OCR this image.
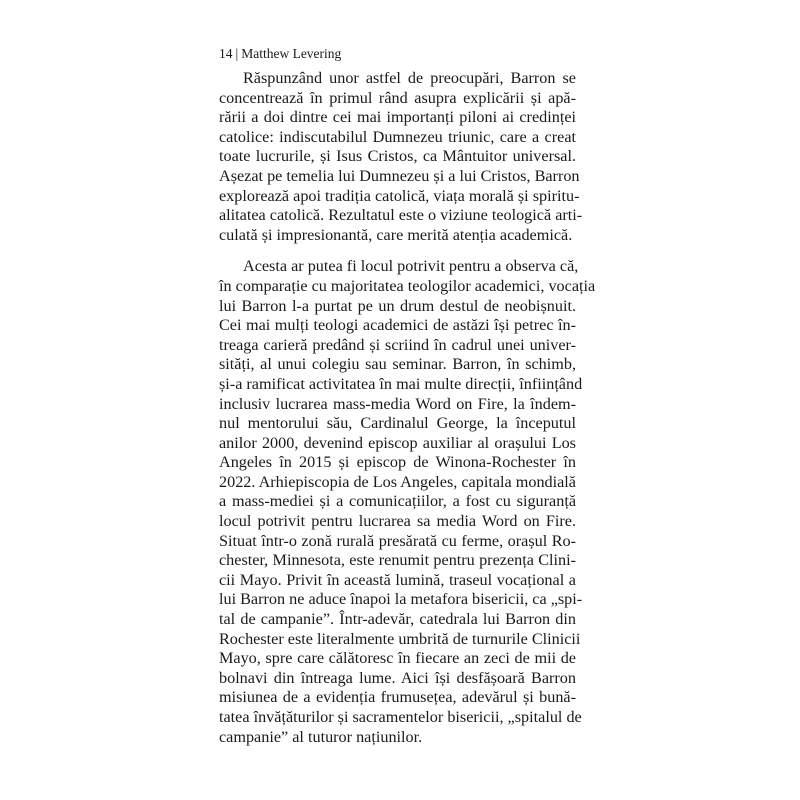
14 | Matthew Levering

Răspunzând unor astfel de preocupări, Barron se
concentrează în primul rând asupra explicării și apă-
rării a doi dintre cei mai importanți piloni ai credinței
catolice: indiscutabilul Dumnezeu triunic, care a creat
toate lucrurile, și Isus Cristos, ca Mântuitor universal.
Așezat pe temelia lui Dumnezeu și a lui Cristos, Barron
explorează apoi tradiția catolică, viața morală și spiritu-
alitatea catolică. Rezultatul este o viziune teologică arti-
culată și impresionantă, care merită atenția academică.

Acesta ar putea fi locul potrivit pentru a observa că,
în comparație cu majoritatea teologilor academici, vocația
lui Barron l-a purtat pe un drum destul de neobișnuit.
Cei mai mulți teologi academici de astăzi își petrec în-
treaga carieră predând și scriind în cadrul unei univer-
sități, al unui colegiu sau seminar. Barron, în schimb,
și-a ramificat activitatea în mai multe direcții, înființând
inclusiv lucrarea mass-media Word on Fire, la îndem-
nul mentorului său, Cardinalul George, la începutul
anilor 2000, devenind episcop auxiliar al orașului Los
Angeles în 2015 și episcop de Winona-Rochester în
2022. Arhiepiscopia de Los Angeles, capitala mondială
a mass-mediei și a comunicațiilor, a fost cu siguranță
locul potrivit pentru lucrarea sa media Word on Fire.
Situat într-o zonă rurală presărată cu ferme, orașul Ro-
chester, Minnesota, este renumit pentru prezența Clini-
cii Mayo. Privit în această lumină, traseul vocațional a
lui Barron ne aduce înapoi la metafora bisericii, ca „spi-
tal de campanie”. Într-adevăr, catedrala lui Barron din
Rochester este literalmente umbrită de turnurile Clinicii
Mayo, spre care călătoresc în fiecare an zeci de mii de
bolnavi din întreaga lume. Aici își desfășoară Barron
misiunea de a evidenția frumusețea, adevărul și bună-
tatea învățăturilor și sacramentelor bisericii, „spitalul de
campanie” al tuturor națiunilor.
